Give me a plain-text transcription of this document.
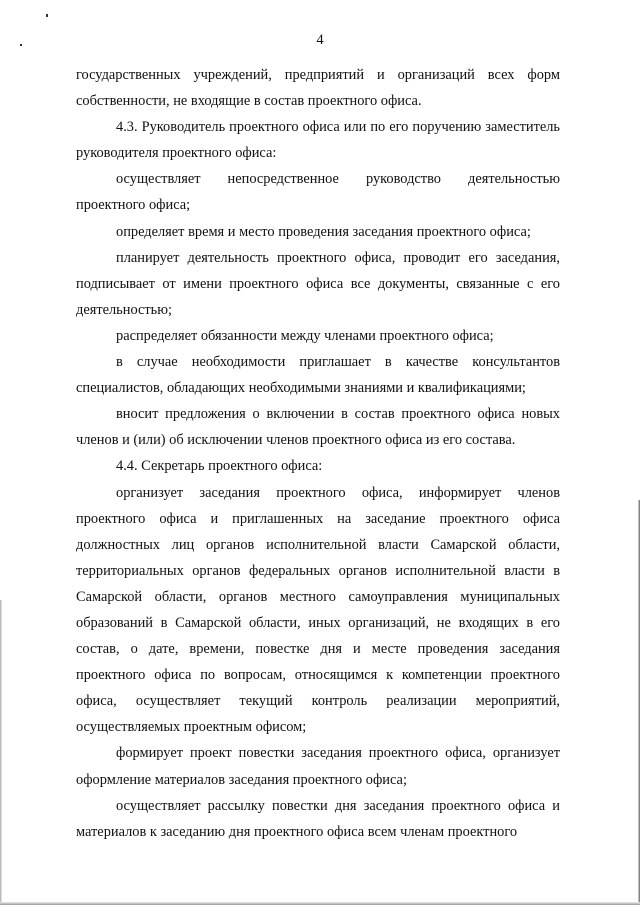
4

государственных учреждений, предприятий и организаций всех форм собственности, не входящие в состав проектного офиса.

4.3. Руководитель проектного офиса или по его поручению заместитель руководителя проектного офиса:

осуществляет непосредственное руководство деятельностью проектного офиса;

определяет время и место проведения заседания проектного офиса;

планирует деятельность проектного офиса, проводит его заседания, подписывает от имени проектного офиса все документы, связанные с его деятельностью;

распределяет обязанности между членами проектного офиса;

в случае необходимости приглашает в качестве консультантов специалистов, обладающих необходимыми знаниями и квалификациями;

вносит предложения о включении в состав проектного офиса новых членов и (или) об исключении членов проектного офиса из его состава.

4.4. Секретарь проектного офиса:

организует заседания проектного офиса, информирует членов проектного офиса и приглашенных на заседание проектного офиса должностных лиц органов исполнительной власти Самарской области, территориальных органов федеральных органов исполнительной власти в Самарской области, органов местного самоуправления муниципальных образований в Самарской области, иных организаций, не входящих в его состав, о дате, времени, повестке дня и месте проведения заседания проектного офиса по вопросам, относящимся к компетенции проектного офиса, осуществляет текущий контроль реализации мероприятий, осуществляемых проектным офисом;

формирует проект повестки заседания проектного офиса, организует оформление материалов заседания проектного офиса;

осуществляет рассылку повестки дня заседания проектного офиса и материалов к заседанию дня проектного офиса всем членам проектного
